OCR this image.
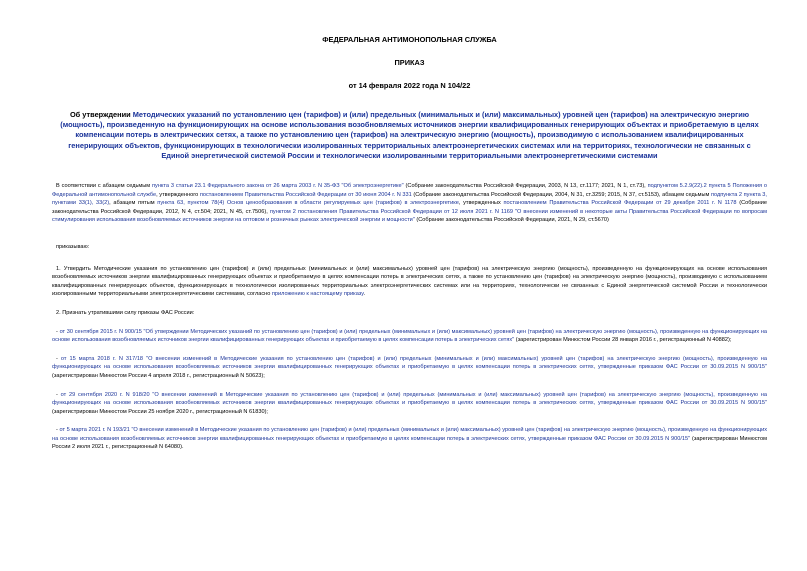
ФЕДЕРАЛЬНАЯ АНТИМОНОПОЛЬНАЯ СЛУЖБА
ПРИКАЗ
от 14 февраля 2022 года N 104/22
Об утверждении Методических указаний по установлению цен (тарифов) и (или) предельных (минимальных и (или) максимальных) уровней цен (тарифов) на электрическую энергию (мощность), произведенную на функционирующих на основе использования возобновляемых источников энергии квалифицированных генерирующих объектах и приобретаемую в целях компенсации потерь в электрических сетях, а также по установлению цен (тарифов) на электрическую энергию (мощность), производимую с использованием квалифицированных генерирующих объектов, функционирующих в технологически изолированных территориальных электроэнергетических системах или на территориях, технологически не связанных с Единой энергетической системой России и технологически изолированными территориальными электроэнергетическими системами

В соответствии с абзацем седьмым пункта 3 статьи 23.1 Федерального закона от 26 марта 2003 г. N 35-ФЗ "Об электроэнергетике" (Собрание законодательства Российской Федерации, 2003, N 13, ст.1177; 2021, N 1, ст.73), подпунктом 5.2.9(22).2 пункта 5 Положения о Федеральной антимонопольной службе, утвержденного постановлением Правительства Российской Федерации от 30 июня 2004 г. N 331 (Собрание законодательства Российской Федерации, 2004, N 31, ст.3259; 2015, N 37, ст.5153), абзацем седьмым подпункта 2 пункта 3, пунктами 33(1), 33(2), абзацем пятым пункта 63, пунктом 78(4) Основ ценообразования в области регулируемых цен (тарифов) в электроэнергетике, утвержденных постановлением Правительства Российской Федерации от 29 декабря 2011 г. N 1178 (Собрание законодательства Российской Федерации, 2012, N 4, ст.504; 2021, N 45, ст.7506), пунктом 2 постановления Правительства Российской Федерации от 12 июля 2021 г. N 1169 "О внесении изменений в некоторые акты Правительства Российской Федерации по вопросам стимулирования использования возобновляемых источников энергии на оптовом и розничных рынках электрической энергии и мощности" (Собрание законодательства Российской Федерации, 2021, N 29, ст.5670)

приказываю:

1. Утвердить Методические указания по установлению цен (тарифов) и (или) предельных (минимальных и (или) максимальных) уровней цен (тарифов) на электрическую энергию (мощность), произведенную на функционирующих на основе использования возобновляемых источников энергии квалифицированных генерирующих объектах и приобретаемую в целях компенсации потерь в электрических сетях, а также по установлению цен (тарифов) на электрическую энергию (мощность), производимую с использованием квалифицированных генерирующих объектов, функционирующих в технологически изолированных территориальных электроэнергетических системах или на территориях, технологически не связанных с Единой энергетической системой России и технологически изолированными территориальными электроэнергетическими системами, согласно приложению к настоящему приказу.

2. Признать утратившими силу приказы ФАС России:

- от 30 сентября 2015 г. N 900/15 "Об утверждении Методических указаний по установлению цен (тарифов) и (или) предельных (минимальных и (или) максимальных) уровней цен (тарифов) на электрическую энергию (мощность), произведенную на функционирующих на основе использования возобновляемых источников энергии квалифицированных генерирующих объектах и приобретаемую в целях компенсации потерь в электрических сетях" (зарегистрирован Минюстом России 28 января 2016 г., регистрационный N 40882);

- от 15 марта 2018 г. N 317/18 "О внесении изменений в Методические указания по установлению цен (тарифов) и (или) предельных (минимальных и (или) максимальных) уровней цен (тарифов) на электрическую энергию (мощность), произведенную на функционирующих на основе использования возобновляемых источников энергии квалифицированных генерирующих объектах и приобретаемую в целях компенсации потерь в электрических сетях, утвержденные приказом ФАС России от 30.09.2015 N 900/15" (зарегистрирован Минюстом России 4 апреля 2018 г., регистрационный N 50623);

- от 29 сентября 2020 г. N 918/20 "О внесении изменений в Методические указания по установлению цен (тарифов) и (или) предельных (минимальных и (или) максимальных) уровней цен (тарифов) на электрическую энергию (мощность), произведенную на функционирующих на основе использования возобновляемых источников энергии квалифицированных генерирующих объектах и приобретаемую в целях компенсации потерь в электрических сетях, утвержденные приказом ФАС России от 30.09.2015 N 900/15" (зарегистрирован Минюстом России 25 ноября 2020 г., регистрационный N 61830);

- от 5 марта 2021 г. N 193/21 "О внесении изменений в Методические указания по установлению цен (тарифов) и (или) предельных (минимальных и (или) максимальных) уровней цен (тарифов) на электрическую энергию (мощность), произведенную на функционирующих на основе использования возобновляемых источников энергии квалифицированных генерирующих объектах и приобретаемую в целях компенсации потерь в электрических сетях, утвержденные приказом ФАС России от 30.09.2015 N 900/15" (зарегистрирован Минюстом России 2 июля 2021 г., регистрационный N 64080).
